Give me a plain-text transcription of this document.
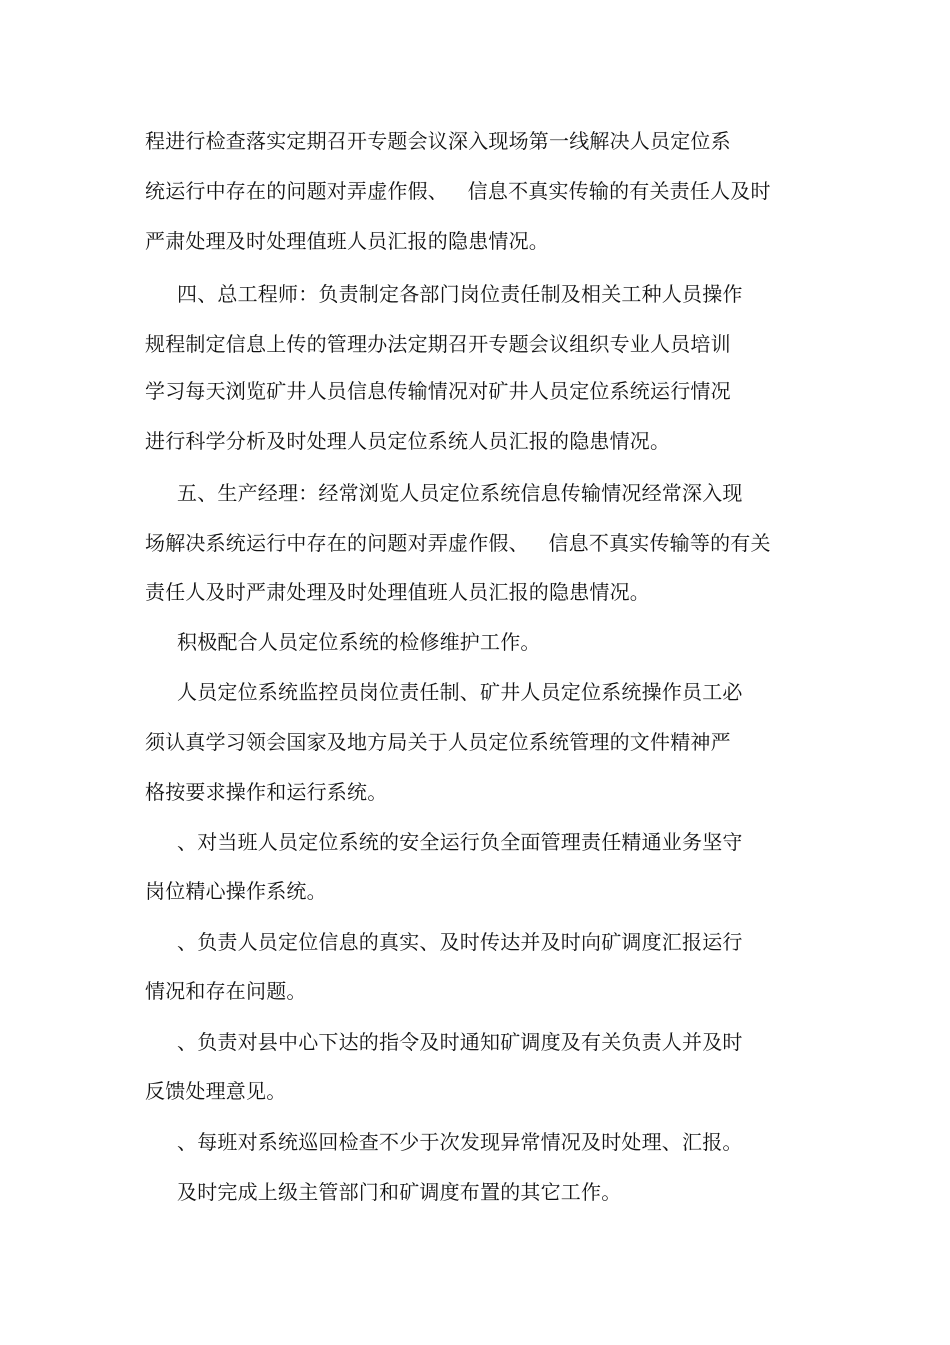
程进行检查落实定期召开专题会议深入现场第一线解决人员定位系
统运行中存在的问题对弄虚作假、   信息不真实传输的有关责任人及时
严肃处理及时处理值班人员汇报的隐患情况。
四、总工程师：负责制定各部门岗位责任制及相关工种人员操作
规程制定信息上传的管理办法定期召开专题会议组织专业人员培训
学习每天浏览矿井人员信息传输情况对矿井人员定位系统运行情况
进行科学分析及时处理人员定位系统人员汇报的隐患情况。
五、生产经理：经常浏览人员定位系统信息传输情况经常深入现
场解决系统运行中存在的问题对弄虚作假、   信息不真实传输等的有关
责任人及时严肃处理及时处理值班人员汇报的隐患情况。
积极配合人员定位系统的检修维护工作。
人员定位系统监控员岗位责任制、矿井人员定位系统操作员工必
须认真学习领会国家及地方局关于人员定位系统管理的文件精神严
格按要求操作和运行系统。
、对当班人员定位系统的安全运行负全面管理责任精通业务坚守
岗位精心操作系统。
、负责人员定位信息的真实、及时传达并及时向矿调度汇报运行
情况和存在问题。
、负责对县中心下达的指令及时通知矿调度及有关负责人并及时
反馈处理意见。
、每班对系统巡回检查不少于次发现异常情况及时处理、汇报。
及时完成上级主管部门和矿调度布置的其它工作。
